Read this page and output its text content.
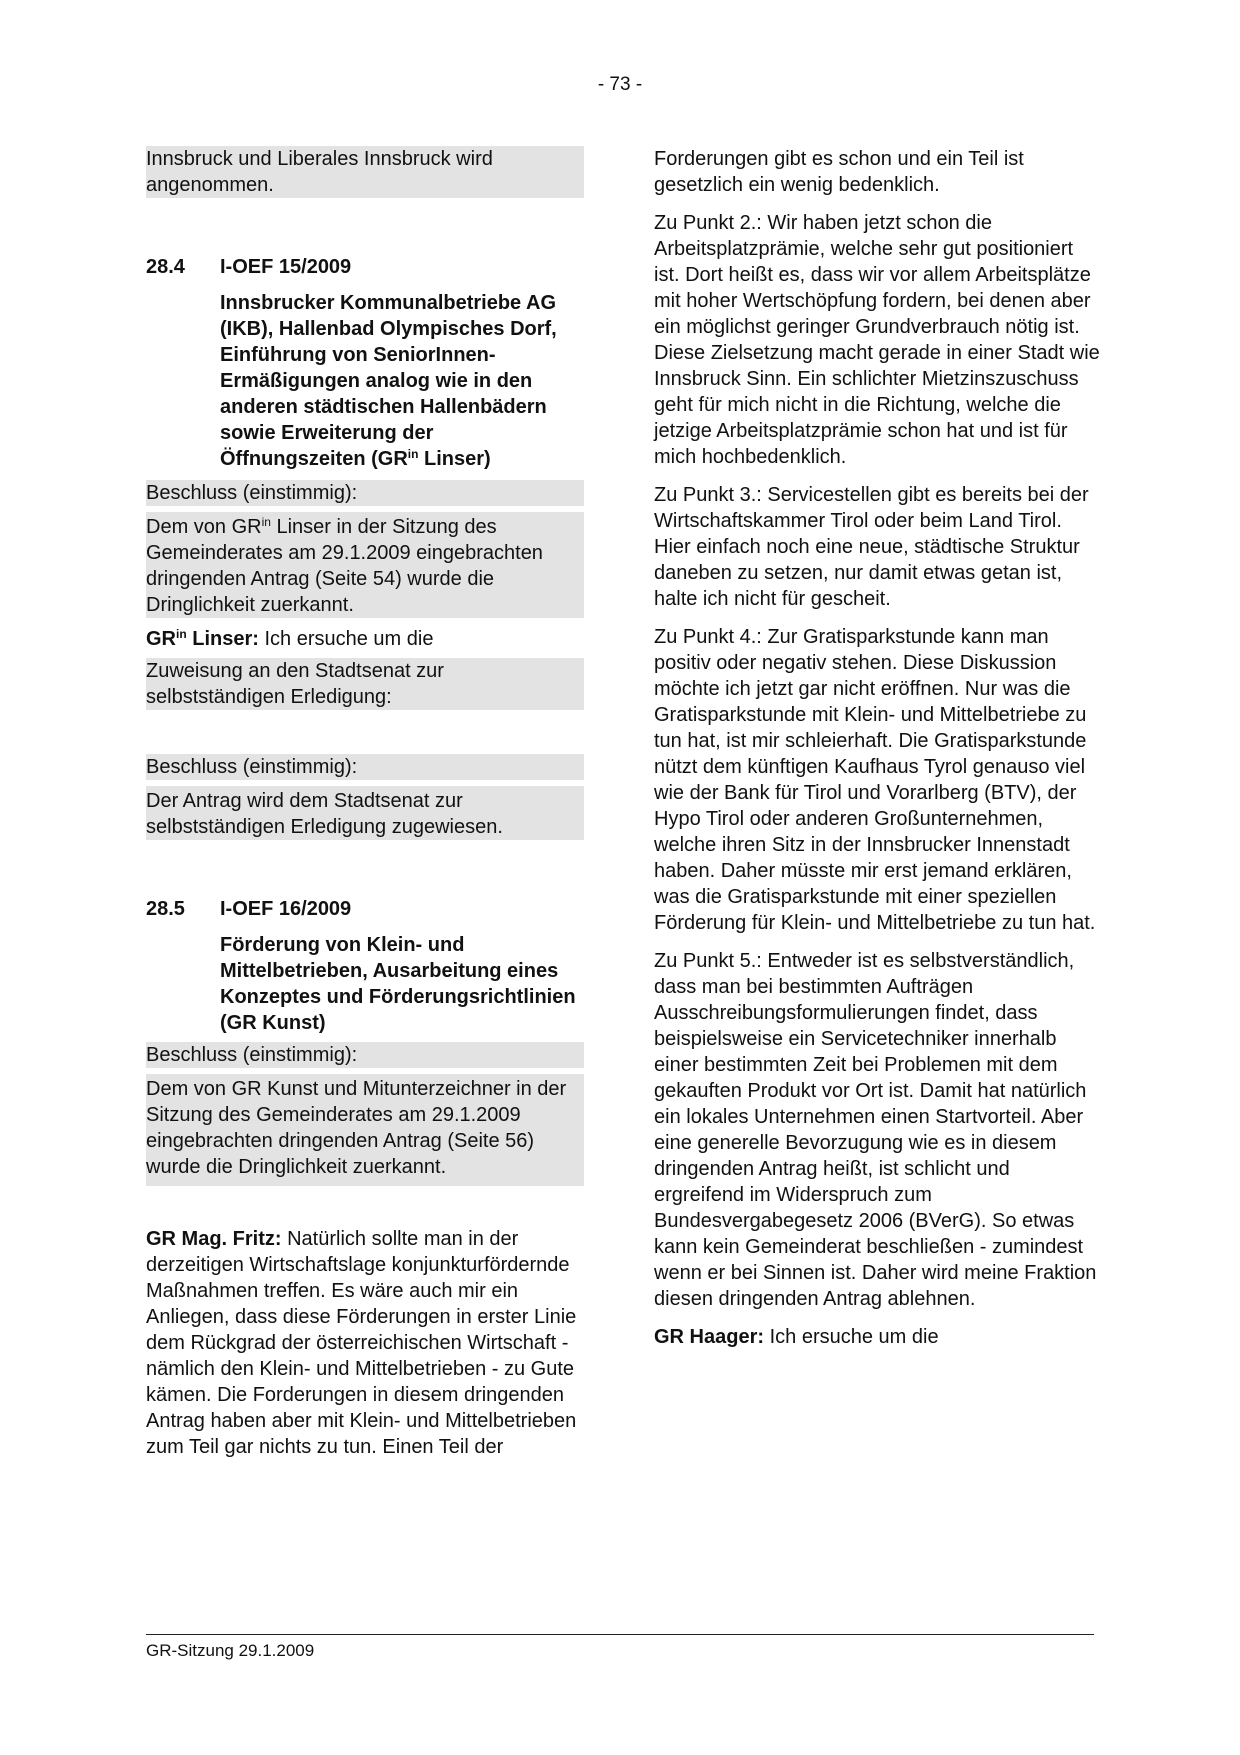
- 73 -

Innsbruck und Liberales Innsbruck wird angenommen.

28.4	I-OEF 15/2009
Innsbrucker Kommunalbetriebe AG (IKB), Hallenbad Olympisches Dorf, Einführung von SeniorInnen-Ermäßigungen analog wie in den anderen städtischen Hallenbädern sowie Erweiterung der Öffnungszeiten ($GR^{in}$ Linser)

Beschluss (einstimmig):

Dem von $GR^{in}$ Linser in der Sitzung des Gemeinderates am 29.1.2009 eingebrachten dringenden Antrag (Seite 54) wurde die Dringlichkeit zuerkannt.

$GR^{in}$ Linser: Ich ersuche um die

Zuweisung an den Stadtsenat zur selbstständigen Erledigung:

Beschluss (einstimmig):

Der Antrag wird dem Stadtsenat zur selbstständigen Erledigung zugewiesen.

28.5	I-OEF 16/2009
Förderung von Klein- und Mittelbetrieben, Ausarbeitung eines Konzeptes und Förderungsrichtlinien (GR Kunst)

Beschluss (einstimmig):

Dem von GR Kunst und Mitunterzeichner in der Sitzung des Gemeinderates am 29.1.2009 eingebrachten dringenden Antrag (Seite 56) wurde die Dringlichkeit zuerkannt.

GR Mag. Fritz: Natürlich sollte man in der derzeitigen Wirtschaftslage konjunkturfördernde Maßnahmen treffen. Es wäre auch mir ein Anliegen, dass diese Förderungen in erster Linie dem Rückgrad der österreichischen Wirtschaft - nämlich den Klein- und Mittelbetrieben - zu Gute kämen. Die Forderungen in diesem dringenden Antrag haben aber mit Klein- und Mittelbetrieben zum Teil gar nichts zu tun. Einen Teil der

Forderungen gibt es schon und ein Teil ist gesetzlich ein wenig bedenklich.

Zu Punkt 2.: Wir haben jetzt schon die Arbeitsplatzprämie, welche sehr gut positioniert ist. Dort heißt es, dass wir vor allem Arbeitsplätze mit hoher Wertschöpfung fordern, bei denen aber ein möglichst geringer Grundverbrauch nötig ist. Diese Zielsetzung macht gerade in einer Stadt wie Innsbruck Sinn. Ein schlichter Mietzinszuschuss geht für mich nicht in die Richtung, welche die jetzige Arbeitsplatzprämie schon hat und ist für mich hochbedenklich.

Zu Punkt 3.: Servicestellen gibt es bereits bei der Wirtschaftskammer Tirol oder beim Land Tirol. Hier einfach noch eine neue, städtische Struktur daneben zu setzen, nur damit etwas getan ist, halte ich nicht für gescheit.

Zu Punkt 4.: Zur Gratisparkstunde kann man positiv oder negativ stehen. Diese Diskussion möchte ich jetzt gar nicht eröffnen. Nur was die Gratisparkstunde mit Klein- und Mittelbetriebe zu tun hat, ist mir schleierhaft. Die Gratisparkstunde nützt dem künftigen Kaufhaus Tyrol genauso viel wie der Bank für Tirol und Vorarlberg (BTV), der Hypo Tirol oder anderen Großunternehmen, welche ihren Sitz in der Innsbrucker Innenstadt haben. Daher müsste mir erst jemand erklären, was die Gratisparkstunde mit einer speziellen Förderung für Klein- und Mittelbetriebe zu tun hat.

Zu Punkt 5.: Entweder ist es selbstverständlich, dass man bei bestimmten Aufträgen Ausschreibungsformulierungen findet, dass beispielsweise ein Servicetechniker innerhalb einer bestimmten Zeit bei Problemen mit dem gekauften Produkt vor Ort ist. Damit hat natürlich ein lokales Unternehmen einen Startvorteil. Aber eine generelle Bevorzugung wie es in diesem dringenden Antrag heißt, ist schlicht und ergreifend im Widerspruch zum Bundesvergabegesetz 2006 (BVerG). So etwas kann kein Gemeinderat beschließen - zumindest wenn er bei Sinnen ist. Daher wird meine Fraktion diesen dringenden Antrag ablehnen.

GR Haager: Ich ersuche um die

GR-Sitzung 29.1.2009
